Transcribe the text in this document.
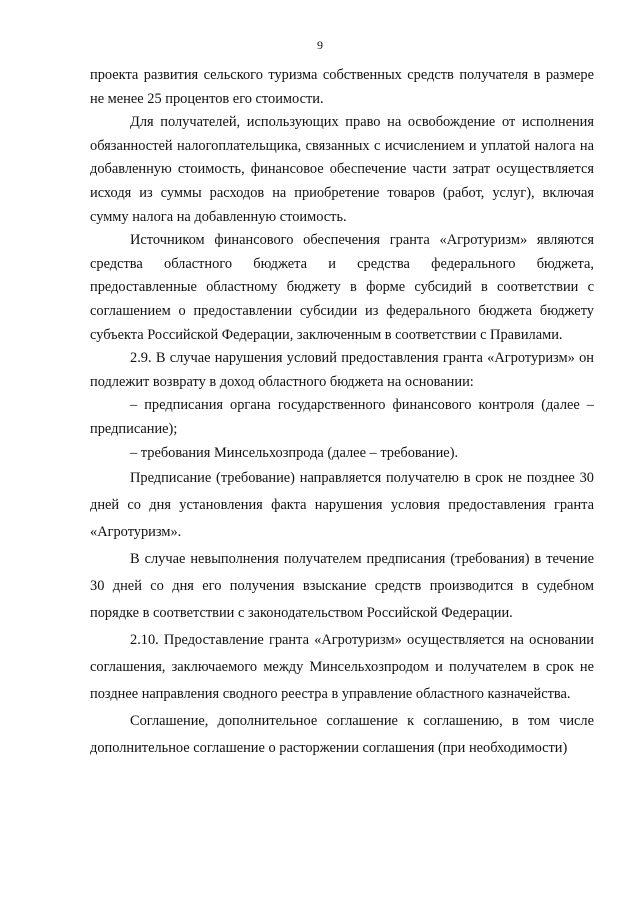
9

проекта развития сельского туризма собственных средств получателя в размере не менее 25 процентов его стоимости.

Для получателей, использующих право на освобождение от исполнения обязанностей налогоплательщика, связанных с исчислением и уплатой налога на добавленную стоимость, финансовое обеспечение части затрат осуществляется исходя из суммы расходов на приобретение товаров (работ, услуг), включая сумму налога на добавленную стоимость.

Источником финансового обеспечения гранта «Агротуризм» являются средства областного бюджета и средства федерального бюджета, предоставленные областному бюджету в форме субсидий в соответствии с соглашением о предоставлении субсидии из федерального бюджета бюджету субъекта Российской Федерации, заключенным в соответствии с Правилами.

2.9. В случае нарушения условий предоставления гранта «Агротуризм» он подлежит возврату в доход областного бюджета на основании:

– предписания органа государственного финансового контроля (далее – предписание);

– требования Минсельхозпрода (далее – требование).

Предписание (требование) направляется получателю в срок не позднее 30 дней со дня установления факта нарушения условия предоставления гранта «Агротуризм».

В случае невыполнения получателем предписания (требования) в течение 30 дней со дня его получения взыскание средств производится в судебном порядке в соответствии с законодательством Российской Федерации.

2.10. Предоставление гранта «Агротуризм» осуществляется на основании соглашения, заключаемого между Минсельхозпродом и получателем в срок не позднее направления сводного реестра в управление областного казначейства.

Соглашение, дополнительное соглашение к соглашению, в том числе дополнительное соглашение о расторжении соглашения (при необходимости)
